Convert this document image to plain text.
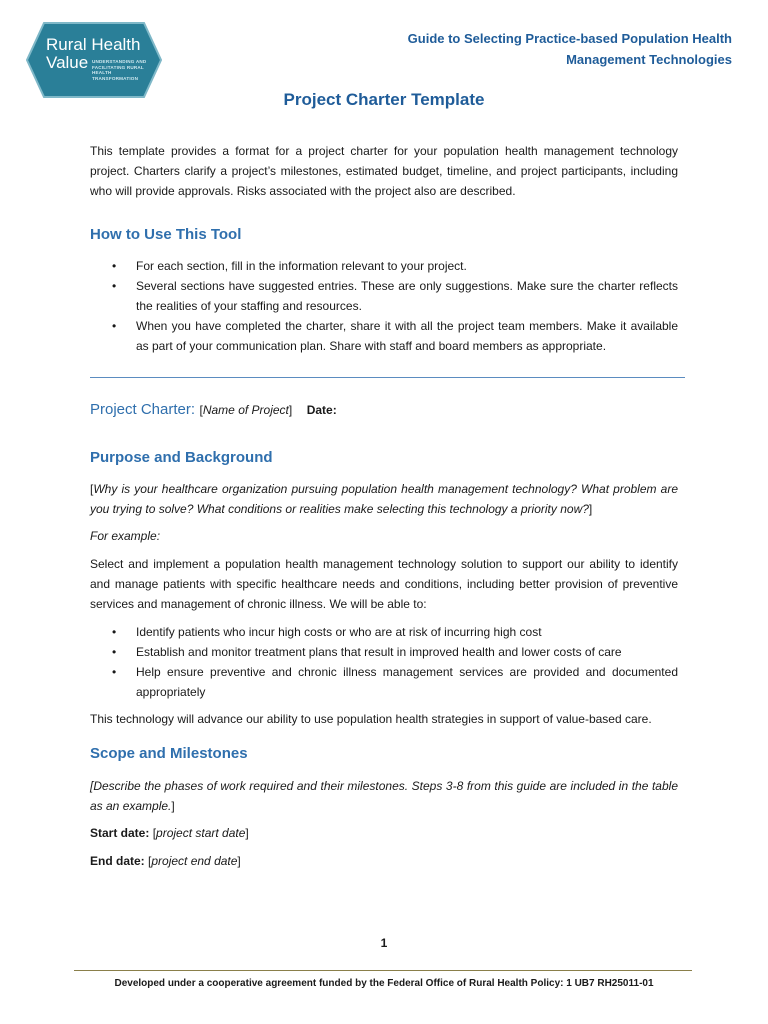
Rural Health
Value UNDERSTANDING AND FACILITATING RURAL HEALTH TRANSFORMATION
Guide to Selecting Practice-based Population Health
Management Technologies
Project Charter Template

This template provides a format for a project charter for your population health management technology project. Charters clarify a project’s milestones, estimated budget, timeline, and project participants, including who will provide approvals. Risks associated with the project also are described.

How to Use This Tool
• For each section, fill in the information relevant to your project.
• Several sections have suggested entries. These are only suggestions. Make sure the charter reflects the realities of your staffing and resources.
• When you have completed the charter, share it with all the project team members. Make it available as part of your communication plan. Share with staff and board members as appropriate.
Project Charter: [Name of Project] Date:
Purpose and Background

[Why is your healthcare organization pursuing population health management technology? What problem are you trying to solve? What conditions or realities make selecting this technology a priority now?]

For example:

Select and implement a population health management technology solution to support our ability to identify and manage patients with specific healthcare needs and conditions, including better provision of preventive services and management of chronic illness. We will be able to:

• Identify patients who incur high costs or who are at risk of incurring high cost
• Establish and monitor treatment plans that result in improved health and lower costs of care
• Help ensure preventive and chronic illness management services are provided and documented appropriately

This technology will advance our ability to use population health strategies in support of value-based care.

Scope and Milestones

[Describe the phases of work required and their milestones. Steps 3-8 from this guide are included in the table as an example.]

Start date: [project start date]

End date: [project end date]

1
Developed under a cooperative agreement funded by the Federal Office of Rural Health Policy: 1 UB7 RH25011-01
